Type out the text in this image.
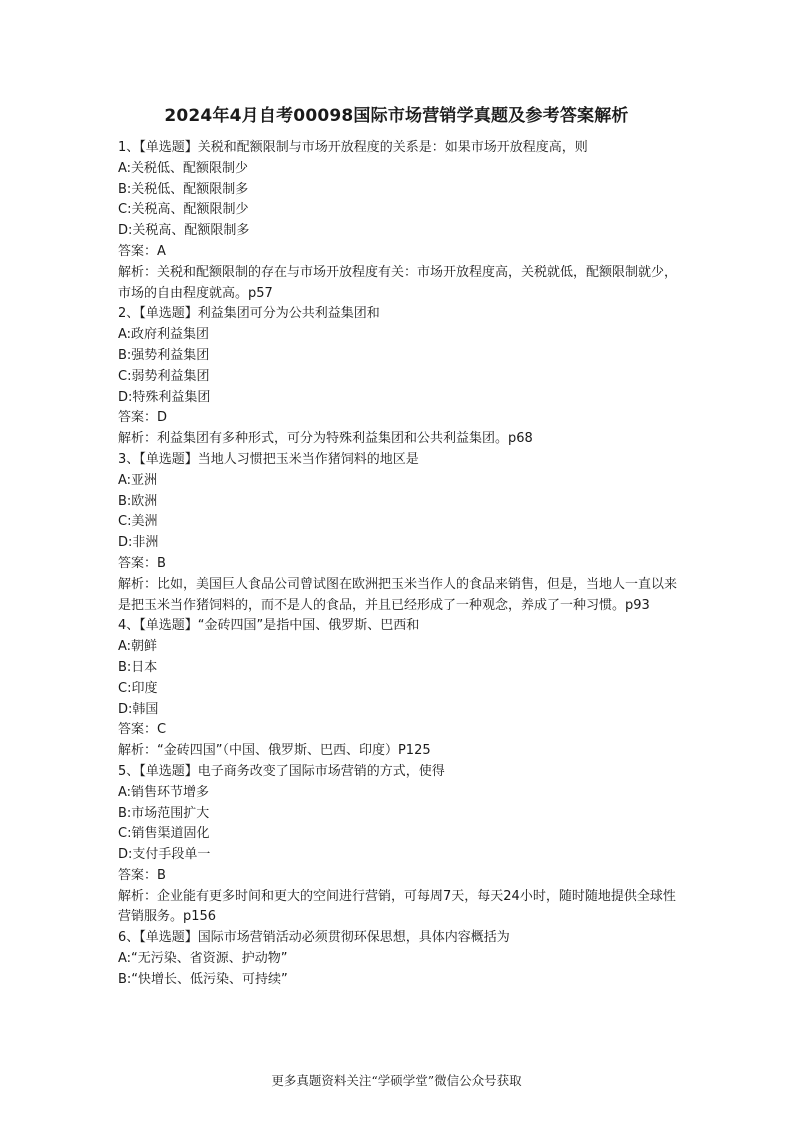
2024年4月自考00098国际市场营销学真题及参考答案解析
1、【单选题】关税和配额限制与市场开放程度的关系是：如果市场开放程度高，则
A:关税低、配额限制少
B:关税低、配额限制多
C:关税高、配额限制少
D:关税高、配额限制多
答案：A
解析：关税和配额限制的存在与市场开放程度有关：市场开放程度高，关税就低，配额限制就少，市场的自由程度就高。p57
2、【单选题】利益集团可分为公共利益集团和
A:政府利益集团
B:强势利益集团
C:弱势利益集团
D:特殊利益集团
答案：D
解析：利益集团有多种形式，可分为特殊利益集团和公共利益集团。p68
3、【单选题】当地人习惯把玉米当作猪饲料的地区是
A:亚洲
B:欧洲
C:美洲
D:非洲
答案：B
解析：比如，美国巨人食品公司曾试图在欧洲把玉米当作人的食品来销售，但是，当地人一直以来是把玉米当作猪饲料的，而不是人的食品，并且已经形成了一种观念，养成了一种习惯。p93
4、【单选题】“金砖四国”是指中国、俄罗斯、巴西和
A:朝鲜
B:日本
C:印度
D:韩国
答案：C
解析：“金砖四国”（中国、俄罗斯、巴西、印度）P125
5、【单选题】电子商务改变了国际市场营销的方式，使得
A:销售环节增多
B:市场范围扩大
C:销售渠道固化
D:支付手段单一
答案：B
解析：企业能有更多时间和更大的空间进行营销，可每周7天，每天24小时，随时随地提供全球性营销服务。p156
6、【单选题】国际市场营销活动必须贯彻环保思想，具体内容概括为
A:“无污染、省资源、护动物”
B:“快增长、低污染、可持续”
更多真题资料关注“学硕学堂”微信公众号获取
